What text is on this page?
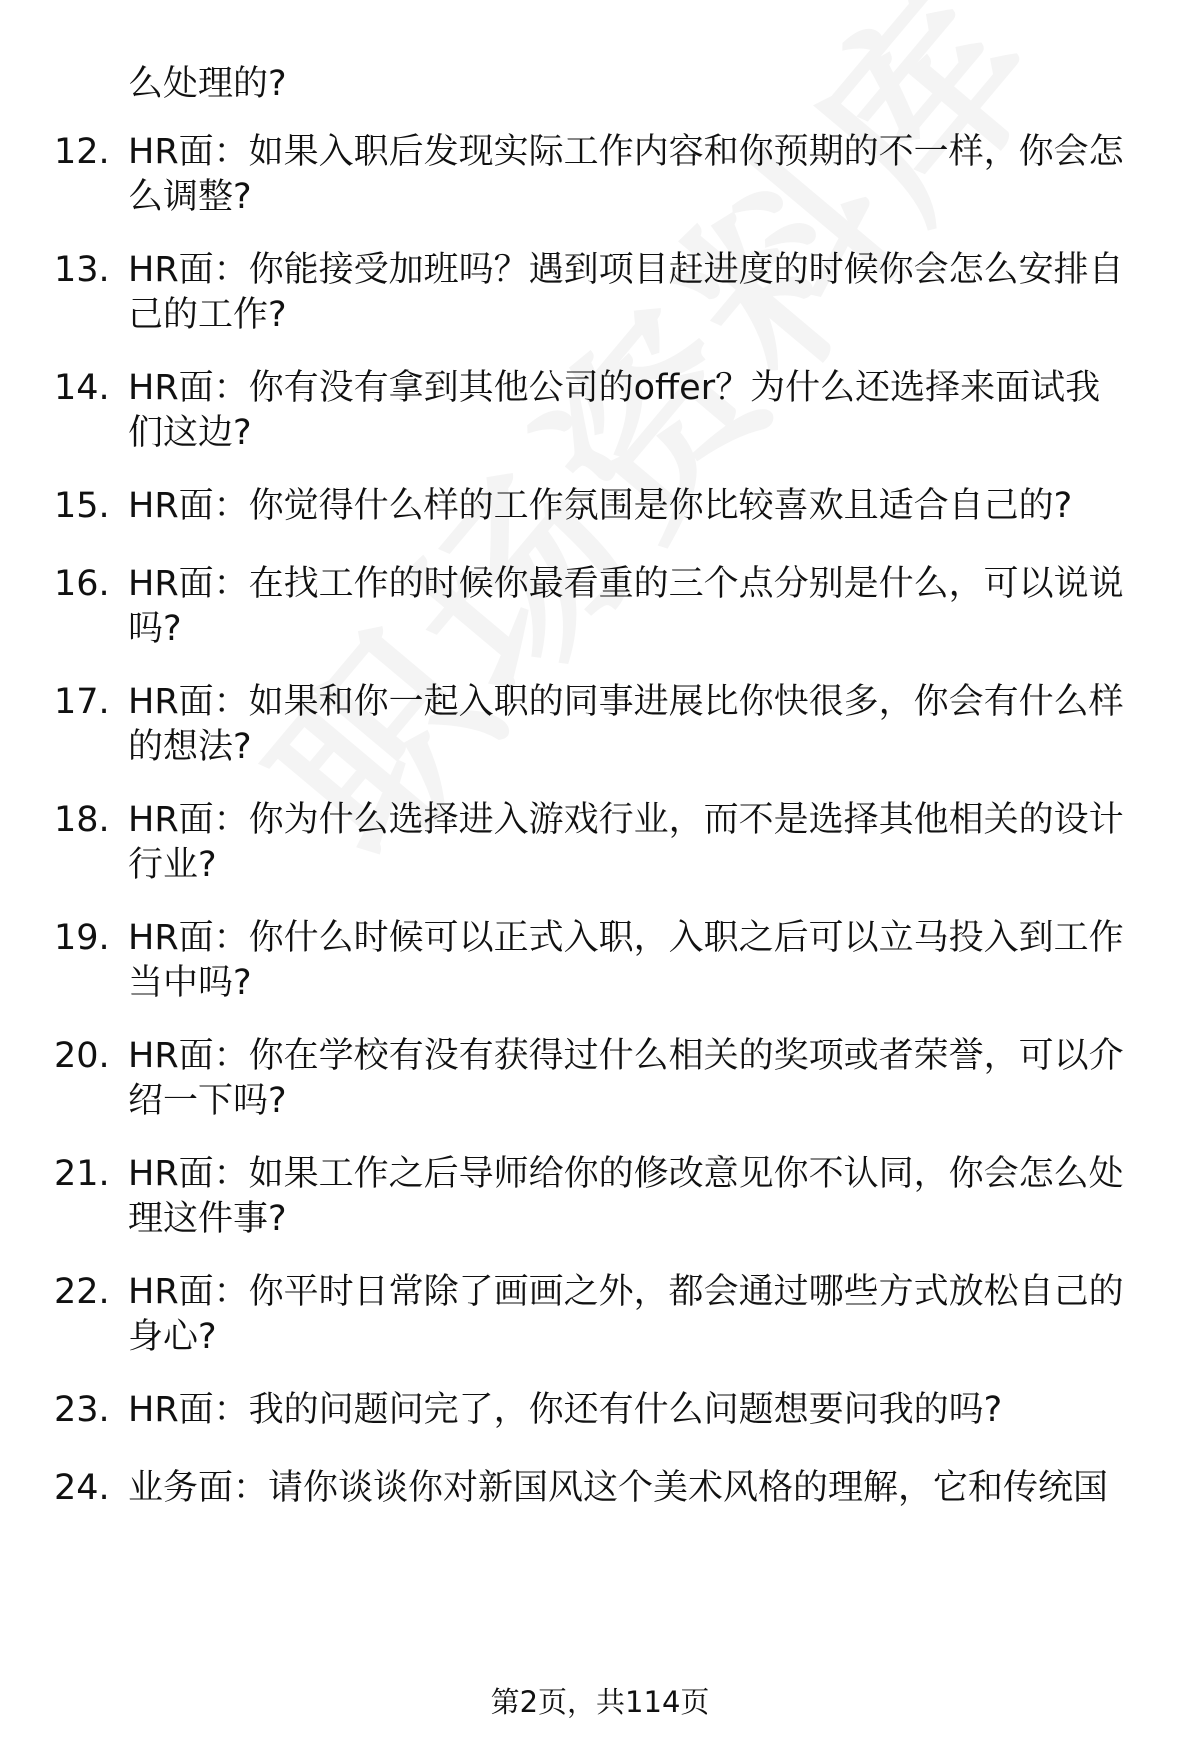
么处理的?
12. HR面：如果入职后发现实际工作内容和你预期的不一样，你会怎
么调整?
13. HR面：你能接受加班吗？遇到项目赶进度的时候你会怎么安排自
己的工作?
14. HR面：你有没有拿到其他公司的offer？为什么还选择来面试我
们这边?
15. HR面：你觉得什么样的工作氛围是你比较喜欢且适合自己的?
16. HR面：在找工作的时候你最看重的三个点分别是什么，可以说说
吗?
17. HR面：如果和你一起入职的同事进展比你快很多，你会有什么样
的想法?
18. HR面：你为什么选择进入游戏行业，而不是选择其他相关的设计
行业?
19. HR面：你什么时候可以正式入职，入职之后可以立马投入到工作
当中吗?
20. HR面：你在学校有没有获得过什么相关的奖项或者荣誉，可以介
绍一下吗?
21. HR面：如果工作之后导师给你的修改意见你不认同，你会怎么处
理这件事?
22. HR面：你平时日常除了画画之外，都会通过哪些方式放松自己的
身心?
23. HR面：我的问题问完了，你还有什么问题想要问我的吗?
24. 业务面：请你谈谈你对新国风这个美术风格的理解，它和传统国
第2页，共114页
